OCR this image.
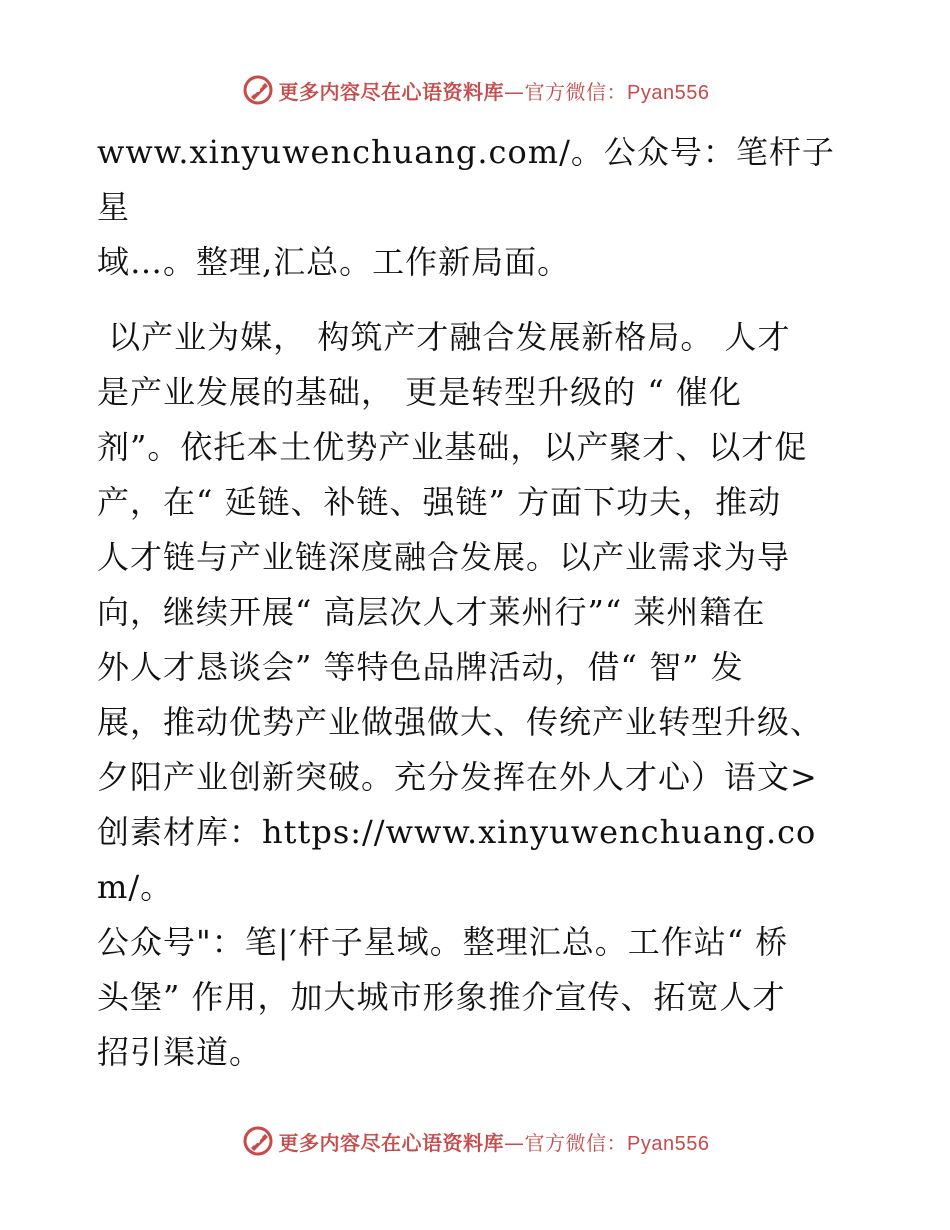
更多内容尽在心语资料库 — 官方微信： Pyan556

www.xinyuwenchuang.com/。公众号：笔杆子星
域…。整理,汇总。工作新局面。

以产业为媒， 构筑产才融合发展新格局。 人才
是产业发展的基础， 更是转型升级的 “ 催化
剂”。依托本土优势产业基础，以产聚才、以才促
产，在“ 延链、补链、强链” 方面下功夫，推动
人才链与产业链深度融合发展。以产业需求为导
向，继续开展“ 高层次人才莱州行”“ 莱州籍在
外人才恳谈会” 等特色品牌活动，借“ 智” 发
展，推动优势产业做强做大、传统产业转型升级、
夕阳产业创新突破。充分发挥在外人才心）语文>
创素材库：https://www.xinyuwenchuang.com/。
公众号"：笔|′杆子星域。整理汇总。工作站“ 桥
头堡” 作用，加大城市形象推介宣传、拓宽人才
招引渠道。

更多内容尽在心语资料库 — 官方微信： Pyan556
